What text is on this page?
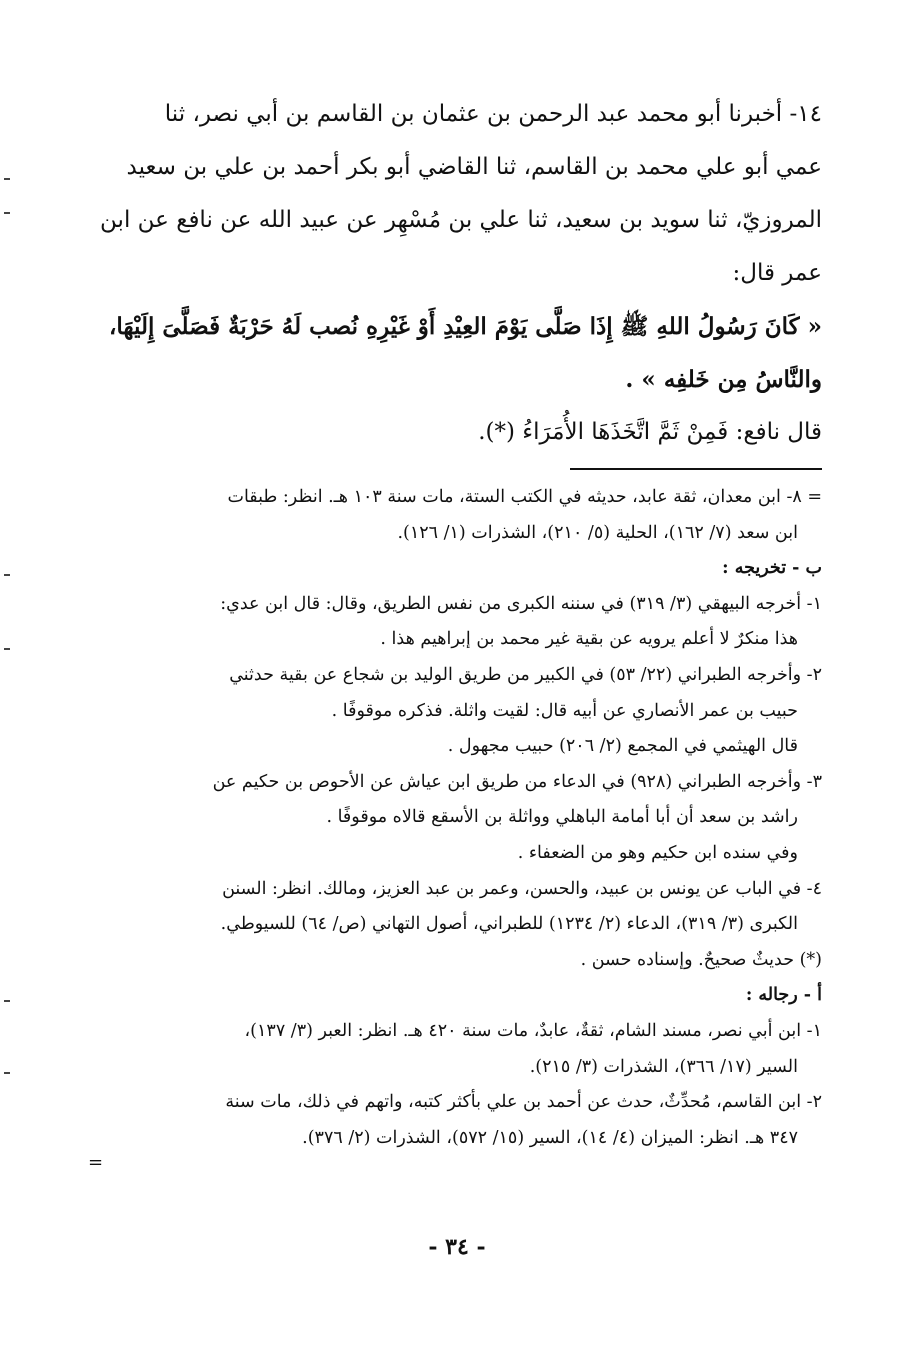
١٤- أخبرنا أبو محمد عبد الرحمن بن عثمان بن القاسم بن أبي نصر، ثنا
عمي أبو علي محمد بن القاسم، ثنا القاضي أبو بكر أحمد بن علي بن سعيد
المروزيّ، ثنا سويد بن سعيد، ثنا علي بن مُسْهِر عن عبيد الله عن نافع عن ابن
عمر قال:
« كَانَ رَسُولُ اللهِ ﷺ إِذَا صَلَّى يَوْمَ العِيْدِ أَوْ غَيْرِهِ نُصب لَهُ حَرْبَةٌ فَصَلَّىَ إِلَيْهَا،
والنَّاسُ مِن خَلفِه » .
قال نافع: فَمِنْ ثَمَّ اتَّخَذَهَا الأُمَرَاءُ (*).
= ٨- ابن معدان، ثقة عابد، حديثه في الكتب الستة، مات سنة ١٠٣ هـ. انظر: طبقات
ابن سعد (٧/ ١٦٢)، الحلية (٥/ ٢١٠)، الشذرات (١/ ١٢٦).
ب - تخريجه :
١- أخرجه البيهقي (٣/ ٣١٩) في سننه الكبرى من نفس الطريق، وقال: قال ابن عدي:
هذا منكرٌ لا أعلم يرويه عن بقية غير محمد بن إبراهيم هذا .
٢- وأخرجه الطبراني (٢٢/ ٥٣) في الكبير من طريق الوليد بن شجاع عن بقية حدثني
حبيب بن عمر الأنصاري عن أبيه قال: لقيت واثلة. فذكره موقوفًا .
قال الهيثمي في المجمع (٢/ ٢٠٦) حبيب مجهول .
٣- وأخرجه الطبراني (٩٢٨) في الدعاء من طريق ابن عياش عن الأحوص بن حكيم عن
راشد بن سعد أن أبا أمامة الباهلي وواثلة بن الأسقع قالاه موقوفًا .
وفي سنده ابن حكيم وهو من الضعفاء .
٤- في الباب عن يونس بن عبيد، والحسن، وعمر بن عبد العزيز، ومالك. انظر: السنن
الكبرى (٣/ ٣١٩)، الدعاء (٢/ ١٢٣٤) للطبراني، أصول التهاني (ص/ ٦٤) للسيوطي.
(*) حديثٌ صحيحٌ. وإسناده حسن .
أ - رجاله :
١- ابن أبي نصر، مسند الشام، ثقةٌ، عابدٌ، مات سنة ٤٢٠ هـ. انظر: العبر (٣/ ١٣٧)،
السير (١٧/ ٣٦٦)، الشذرات (٣/ ٢١٥).
٢- ابن القاسم، مُحدِّثٌ، حدث عن أحمد بن علي بأكثر كتبه، واتهم في ذلك، مات سنة
٣٤٧ هـ. انظر: الميزان (٤/ ١٤)، السير (١٥/ ٥٧٢)، الشذرات (٢/ ٣٧٦).
=
- ٣٤ -
